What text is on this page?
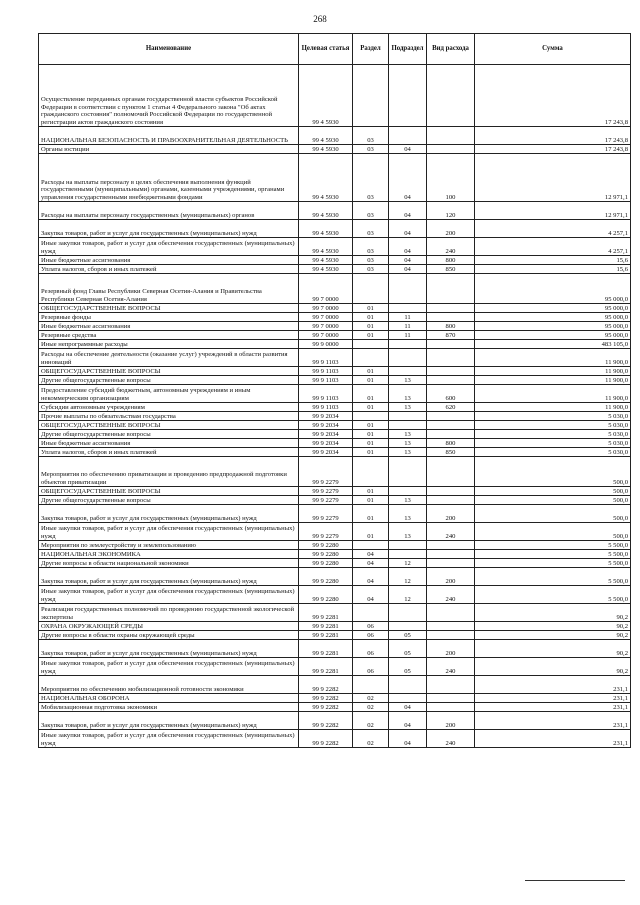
268
Наименование	Целевая статья	Раздел	Подраздел	Вид расхода	Сумма
Осуществление переданных органам государственной власти субъектов Российской Федерации в соответствии с пунктом 1 статьи 4 Федерального закона "Об актах гражданского состояния" полномочий Российской Федерации по государственной регистрации актов гражданского состояния	99 4 5930				17 243,8
НАЦИОНАЛЬНАЯ БЕЗОПАСНОСТЬ И ПРАВООХРАНИТЕЛЬНАЯ ДЕЯТЕЛЬНОСТЬ	99 4 5930	03			17 243,8
Органы юстиции	99 4 5930	03	04		17 243,8
Расходы на выплаты персоналу в целях обеспечения выполнения функций государственными (муниципальными) органами, казенными учреждениями, органами управления государственными внебюджетными фондами	99 4 5930	03	04	100	12 971,1
Расходы на выплаты персоналу государственных (муниципальных) органов	99 4 5930	03	04	120	12 971,1
Закупка товаров, работ и услуг для государственных (муниципальных) нужд	99 4 5930	03	04	200	4 257,1
Иные закупки товаров, работ и услуг для обеспечения государственных (муниципальных) нужд	99 4 5930	03	04	240	4 257,1
Иные бюджетные ассигнования	99 4 5930	03	04	800	15,6
Уплата налогов, сборов и иных платежей	99 4 5930	03	04	850	15,6
Резервный фонд Главы Республики Северная Осетия-Алания и Правительства Республики Северная Осетия-Алания	99 7 0000				95 000,0
ОБЩЕГОСУДАРСТВЕННЫЕ ВОПРОСЫ	99 7 0000	01			95 000,0
Резервные фонды	99 7 0000	01	11		95 000,0
Иные бюджетные ассигнования	99 7 0000	01	11	800	95 000,0
Резервные средства	99 7 0000	01	11	870	95 000,0
Иные непрограммные расходы	99 9 0000				483 105,0
Расходы на обеспечение деятельности (оказание услуг) учреждений в области развития инноваций	99 9 1103				11 900,0
ОБЩЕГОСУДАРСТВЕННЫЕ ВОПРОСЫ	99 9 1103	01			11 900,0
Другие общегосударственные вопросы	99 9 1103	01	13		11 900,0
Предоставление субсидий бюджетным, автономным учреждениям и иным некоммерческим организациям	99 9 1103	01	13	600	11 900,0
Субсидии автономным учреждениям	99 9 1103	01	13	620	11 900,0
Прочие выплаты по обязательствам государства	99 9 2034				5 030,0
ОБЩЕГОСУДАРСТВЕННЫЕ ВОПРОСЫ	99 9 2034	01			5 030,0
Другие общегосударственные вопросы	99 9 2034	01	13		5 030,0
Иные бюджетные ассигнования	99 9 2034	01	13	800	5 030,0
Уплата налогов, сборов и иных платежей	99 9 2034	01	13	850	5 030,0
Мероприятия по обеспечению приватизации и проведению предпродажной подготовки объектов приватизации	99 9 2279				500,0
ОБЩЕГОСУДАРСТВЕННЫЕ ВОПРОСЫ	99 9 2279	01			500,0
Другие общегосударственные вопросы	99 9 2279	01	13		500,0
Закупка товаров, работ и услуг для государственных (муниципальных) нужд	99 9 2279	01	13	200	500,0
Иные закупки товаров, работ и услуг для обеспечения государственных (муниципальных) нужд	99 9 2279	01	13	240	500,0
Мероприятия по землеустройству и землепользованию	99 9 2280				5 500,0
НАЦИОНАЛЬНАЯ ЭКОНОМИКА	99 9 2280	04			5 500,0
Другие вопросы в области национальной экономики	99 9 2280	04	12		5 500,0
Закупка товаров, работ и услуг для государственных (муниципальных) нужд	99 9 2280	04	12	200	5 500,0
Иные закупки товаров, работ и услуг для обеспечения государственных (муниципальных) нужд	99 9 2280	04	12	240	5 500,0
Реализация государственных полномочий по проведению государственной экологической экспертизы	99 9 2281				90,2
ОХРАНА ОКРУЖАЮЩЕЙ СРЕДЫ	99 9 2281	06			90,2
Другие вопросы в области охраны окружающей среды	99 9 2281	06	05		90,2
Закупка товаров, работ и услуг для государственных (муниципальных) нужд	99 9 2281	06	05	200	90,2
Иные закупки товаров, работ и услуг для обеспечения государственных (муниципальных) нужд	99 9 2281	06	05	240	90,2
Мероприятия по обеспечению мобилизационной готовности экономики	99 9 2282				231,1
НАЦИОНАЛЬНАЯ ОБОРОНА	99 9 2282	02			231,1
Мобилизационная подготовка экономики	99 9 2282	02	04		231,1
Закупка товаров, работ и услуг для государственных (муниципальных) нужд	99 9 2282	02	04	200	231,1
Иные закупки товаров, работ и услуг для обеспечения государственных (муниципальных) нужд	99 9 2282	02	04	240	231,1
